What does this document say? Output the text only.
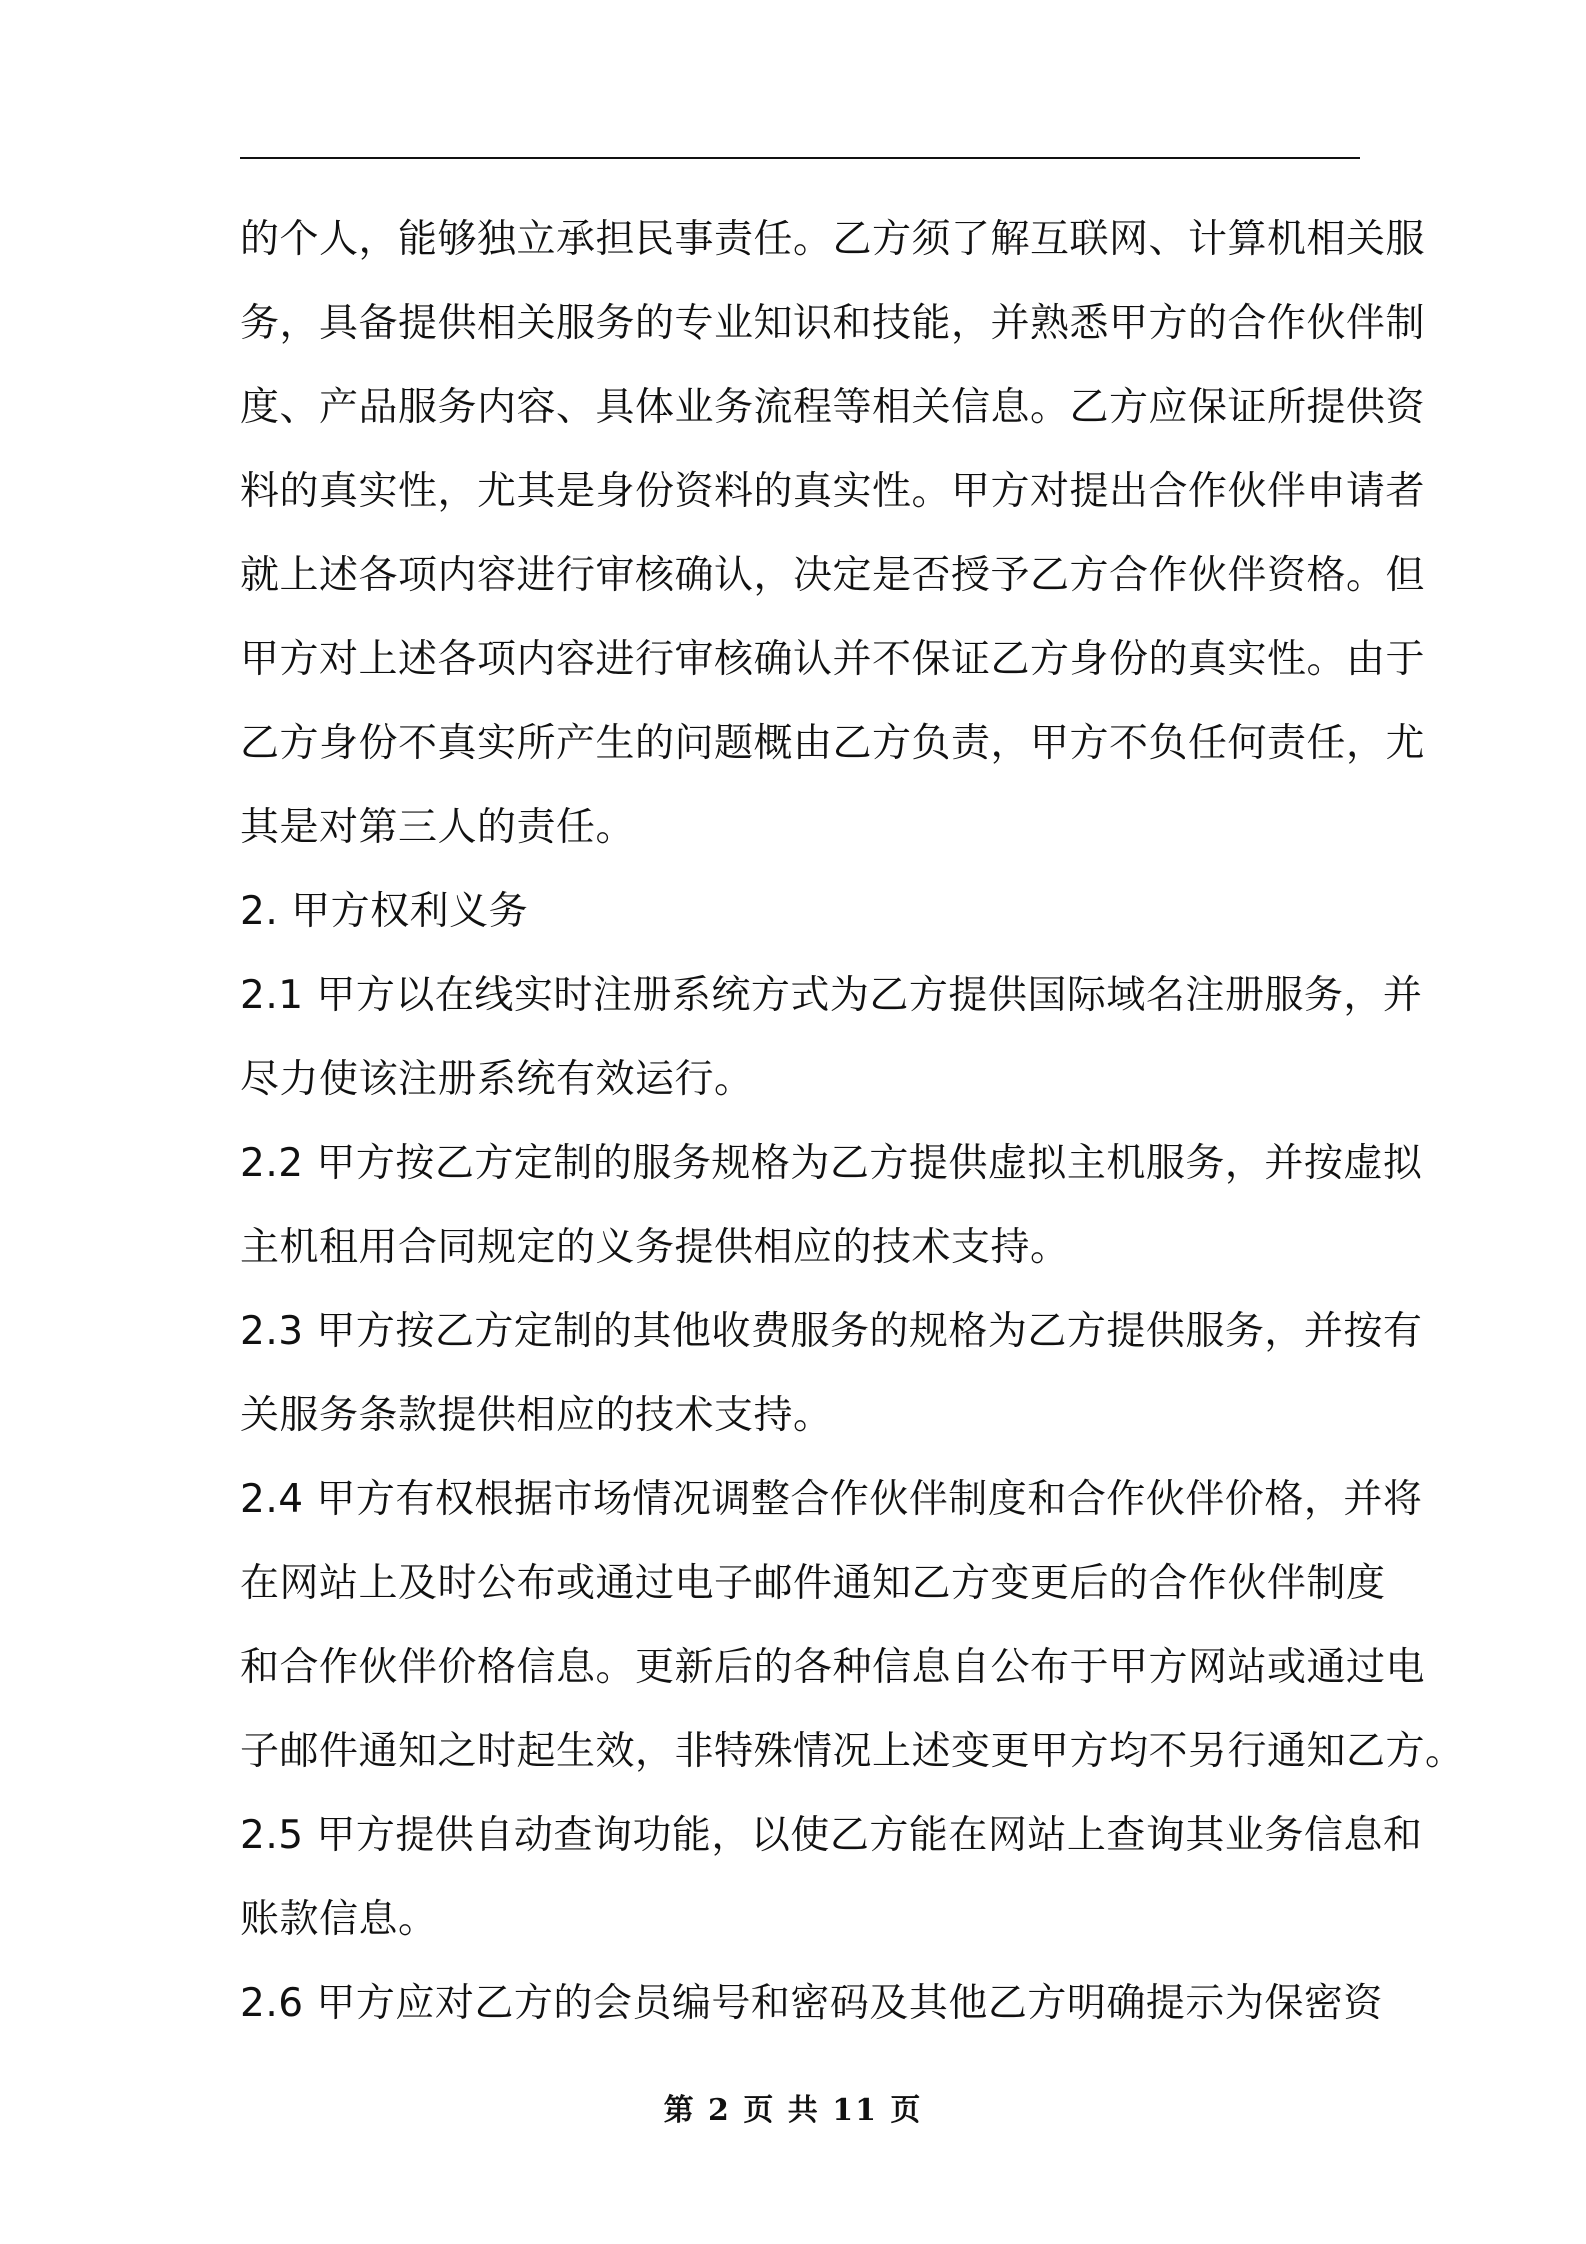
的个人，能够独立承担民事责任。乙方须了解互联网、计算机相关服
务，具备提供相关服务的专业知识和技能，并熟悉甲方的合作伙伴制
度、产品服务内容、具体业务流程等相关信息。乙方应保证所提供资
料的真实性，尤其是身份资料的真实性。甲方对提出合作伙伴申请者
就上述各项内容进行审核确认，决定是否授予乙方合作伙伴资格。但
甲方对上述各项内容进行审核确认并不保证乙方身份的真实性。由于
乙方身份不真实所产生的问题概由乙方负责，甲方不负任何责任，尤
其是对第三人的责任。
2. 甲方权利义务
2.1 甲方以在线实时注册系统方式为乙方提供国际域名注册服务，并
尽力使该注册系统有效运行。
2.2 甲方按乙方定制的服务规格为乙方提供虚拟主机服务，并按虚拟
主机租用合同规定的义务提供相应的技术支持。
2.3 甲方按乙方定制的其他收费服务的规格为乙方提供服务，并按有
关服务条款提供相应的技术支持。
2.4 甲方有权根据市场情况调整合作伙伴制度和合作伙伴价格，并将
在网站上及时公布或通过电子邮件通知乙方变更后的合作伙伴制度
和合作伙伴价格信息。更新后的各种信息自公布于甲方网站或通过电
子邮件通知之时起生效，非特殊情况上述变更甲方均不另行通知乙方。
2.5 甲方提供自动查询功能，以使乙方能在网站上查询其业务信息和
账款信息。
2.6 甲方应对乙方的会员编号和密码及其他乙方明确提示为保密资
第 2 页 共 11 页
